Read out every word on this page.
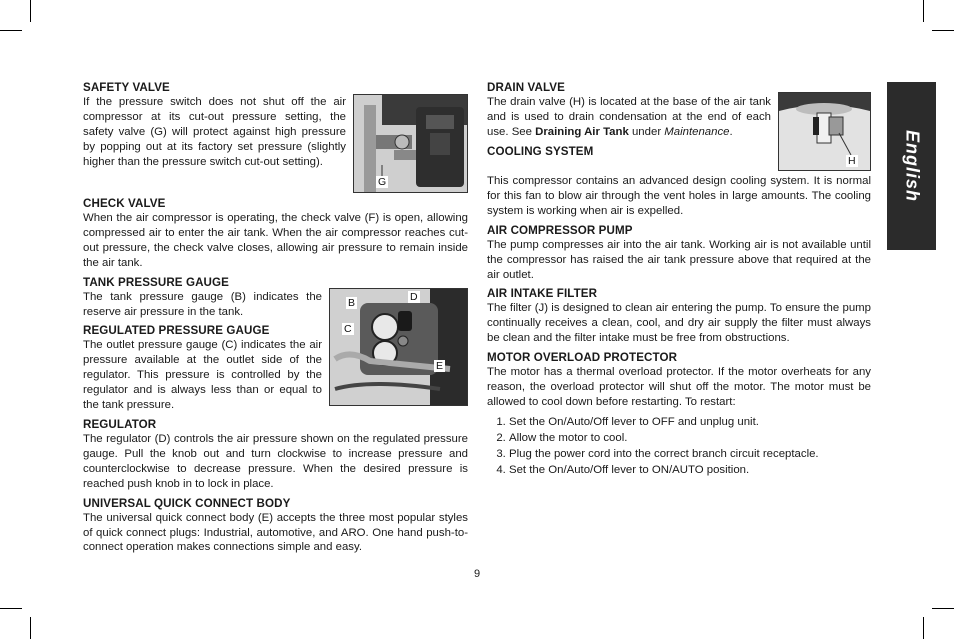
G
SAFETY VALVE

If the pressure switch does not shut off the air compressor at its cut-out pressure setting, the safety valve (G) will protect against high pressure by popping out at its factory set pressure (slightly higher than the pressure switch cut-out setting).

CHECK VALVE

When the air compressor is operating, the check valve (F) is open, allowing compressed air to enter the air tank. When the air compressor reaches cut-out pressure, the check valve closes, allowing air pressure to remain inside the air tank.

B	D
C
E
TANK PRESSURE GAUGE

The tank pressure gauge (B) indicates the reserve air pressure in the tank.

REGULATED PRESSURE GAUGE

The outlet pressure gauge (C) indicates the air pressure available at the outlet side of the regulator. This pressure is controlled by the regulator and is always less than or equal to the tank pressure.

REGULATOR

The regulator (D) controls the air pressure shown on the regulated pressure gauge. Pull the knob out and turn clockwise to increase pressure and counterclockwise to decrease pressure. When the desired pressure is reached push knob in to lock in place.

UNIVERSAL QUICK CONNECT BODY

The universal quick connect body (E) accepts the three most popular styles of quick connect plugs: Industrial, automotive, and ARO. One hand push-to-connect operation makes connections simple and easy.

H
DRAIN VALVE

The drain valve (H) is located at the base of the air tank and is used to drain condensation at the end of each use. See Draining Air Tank under Maintenance.

COOLING SYSTEM

This compressor contains an advanced design cooling system. It is normal for this fan to blow air through the vent holes in large amounts. The cooling system is working when air is expelled.

AIR COMPRESSOR PUMP

The pump compresses air into the air tank. Working air is not available until the compressor has raised the air tank pressure above that required at the air outlet.

AIR INTAKE FILTER

The filter (J) is designed to clean air entering the pump. To ensure the pump continually receives a clean, cool, and dry air supply the filter must always be clean and the filter intake must be free from obstructions.

MOTOR OVERLOAD PROTECTOR

The motor has a thermal overload protector. If the motor overheats for any reason, the overload protector will shut off the motor. The motor must be allowed to cool down before restarting. To restart:

1. Set the On/Auto/Off lever to OFF and unplug unit.
2. Allow the motor to cool.
3. Plug the power cord into the correct branch circuit receptacle.
4. Set the On/Auto/Off lever to ON/AUTO position.
English
9
